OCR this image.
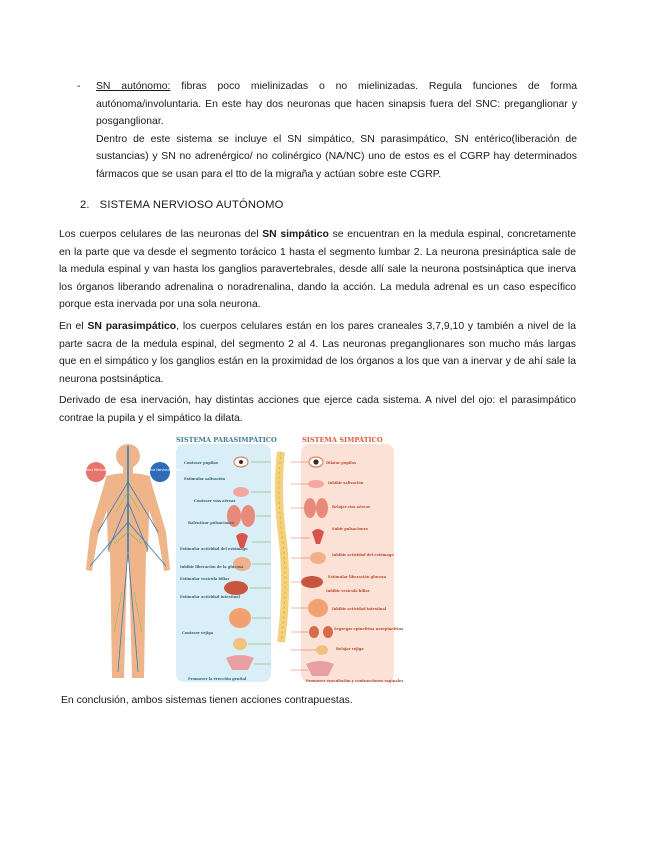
- SN autónomo: fibras poco mielinizadas o no mielinizadas. Regula funciones de forma autónoma/involuntaria. En este hay dos neuronas que hacen sinapsis fuera del SNC: preganglionar y posganglionar.

Dentro de este sistema se incluye el SN simpático, SN parasimpático, SN entérico(liberación de sustancias) y SN no adrenérgico/ no colinérgico (NA/NC) uno de estos es el CGRP hay determinados fármacos que se usan para el tto de la migraña y actúan sobre este CGRP.

2. SISTEMA NERVIOSO AUTÓNOMO

Los cuerpos celulares de las neuronas del SN simpático se encuentran en la medula espinal, concretamente en la parte que va desde el segmento torácico 1 hasta el segmento lumbar 2. La neurona presináptica sale de la medula espinal y van hasta los ganglios paravertebrales, desde allí sale la neurona postsináptica que inerva los órganos liberando adrenalina o noradrenalina, dando la acción. La medula adrenal es un caso específico porque esta inervada por una sola neurona.

En el SN parasimpático, los cuerpos celulares están en los pares craneales 3,7,9,10 y también a nivel de la parte sacra de la medula espinal, del segmento 2 al 4. Las neuronas preganglionares son mucho más largas que en el simpático y los ganglios están en la proximidad de los órganos a los que van a inervar y de ahí sale la neurona postsináptica.

Derivado de esa inervación, hay distintas acciones que ejerce cada sistema. A nivel del ojo: el parasimpático contrae la pupila y el simpático la dilata.

SISTEMA PARASIMPÁTICO	SISTEMA SIMPÁTICO
SNC Sistema Nervioso Central	SNP Sistema Nervioso Periférico
Contraer pupilas
Estimular salivación
Contraer vías aéreas
Ralentizar pulsaciones
Estimular actividad del estómago
Inhibir liberación de la glucosa
Estimular vesícula biliar
Estimular actividad intestinal
Contraer vejiga
Promover la erección genital
Dilatar pupilas
Inhibir salivación
Relajar vías aéreas
Subir pulsaciones
Inhibir actividad del estómago
Estimular liberación glucosa
Inhibir vesícula biliar
Inhibir actividad intestinal
Segregar epinefrina norepinefrina
Relajar vejiga
Promover eyaculación y contracciones vaginales

En conclusión, ambos sistemas tienen acciones contrapuestas.
